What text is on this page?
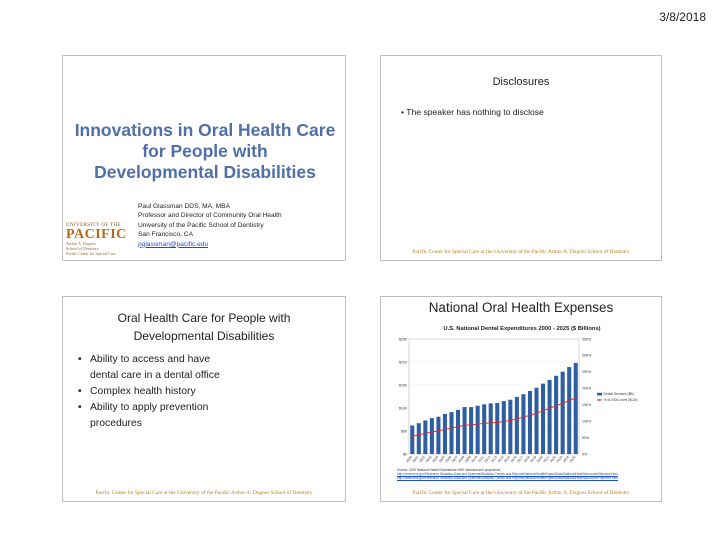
3/8/2018
Innovations in Oral Health Care
for People with
Developmental Disabilities
Paul Glassman DDS, MA, MBA
Professor and Director of Community Oral Health
University of the Pacific School of Dentistry
San Francisco, CA
pglassman@pacific.edu
UNIVERSITY OF THE
PACIFIC
Arthur A. Dugoni
School of Dentistry
Pacific Center for Special Care
Disclosures
• The speaker has nothing to disclose
Pacific Center for Special Care at the University of the Pacific Arthur A. Dugoni School of Dentistry
Oral Health Care for People with
Developmental Disabilities
• Ability to access and have
dental care in a dental office
• Complex health history
• Ability to apply prevention
procedures
Pacific Center for Special Care at the University of the Pacific Arthur A. Dugoni School of Dentistry
National Oral Health Expenses
U.S. National Dental Expenditures 2000 - 2025 ($ Billions)
$0
$50
$100
$150
$200
$250
0%
50%
100%
150%
200%
250%
300%
350%
2000
2001
2002
2003
2004
2005
2006
2007
2008
2009
2010
2011
2012
2013
2014
2015
2016
2017
2018
2019
2020
2021
2022
2023
2024
2025
Dental Services ($B)
% of 2000 Level ($124)
Source: CMS National Health Expenditure NHE historical and projections,
http://www.cms.gov/Research-Statistics-Data-and-Systems/Statistics-Trends-and-Reports/NationalHealthExpendData/NationalHealthAccountsHistorical.html
http://www.cms.gov/Research-Statistics-Data-and-Systems/Statistics-Trends-and-Reports/NationalHealthExpendData/NationalHealthAccountsProjected.html
Pacific Center for Special Care at the University of the Pacific Arthur A. Dugoni School of Dentistry
